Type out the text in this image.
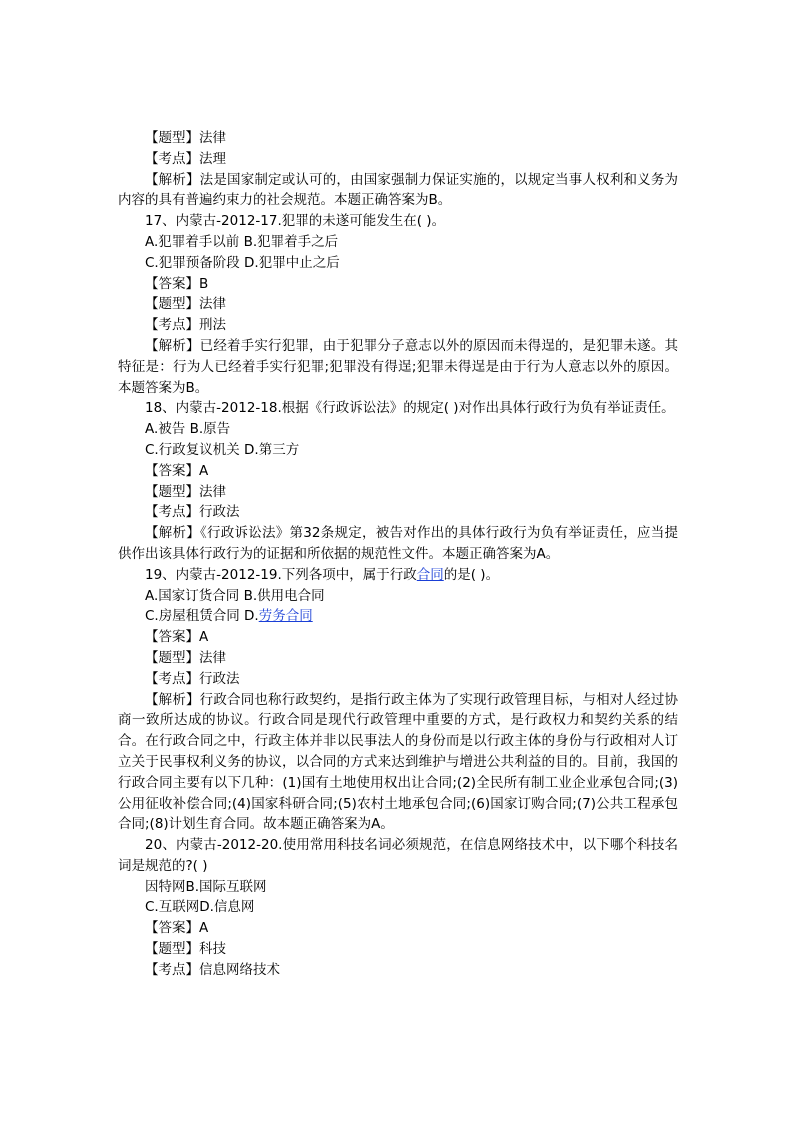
【题型】法律

【考点】法理

【解析】法是国家制定或认可的，由国家强制力保证实施的，以规定当事人权利和义务为内容的具有普遍约束力的社会规范。本题正确答案为B。

17、内蒙古-2012-17.犯罪的未遂可能发生在( )。

A.犯罪着手以前 B.犯罪着手之后

C.犯罪预备阶段 D.犯罪中止之后

【答案】B

【题型】法律

【考点】刑法

【解析】已经着手实行犯罪，由于犯罪分子意志以外的原因而未得逞的，是犯罪未遂。其特征是：行为人已经着手实行犯罪;犯罪没有得逞;犯罪未得逞是由于行为人意志以外的原因。本题答案为B。

18、内蒙古-2012-18.根据《行政诉讼法》的规定( )对作出具体行政行为负有举证责任。

A.被告 B.原告

C.行政复议机关 D.第三方

【答案】A

【题型】法律

【考点】行政法

【解析】《行政诉讼法》第32条规定，被告对作出的具体行政行为负有举证责任，应当提供作出该具体行政行为的证据和所依据的规范性文件。本题正确答案为A。

19、内蒙古-2012-19.下列各项中，属于行政合同的是( )。

A.国家订货合同 B.供用电合同

C.房屋租赁合同 D.劳务合同

【答案】A

【题型】法律

【考点】行政法

【解析】行政合同也称行政契约，是指行政主体为了实现行政管理目标，与相对人经过协商一致所达成的协议。行政合同是现代行政管理中重要的方式，是行政权力和契约关系的结合。在行政合同之中，行政主体并非以民事法人的身份而是以行政主体的身份与行政相对人订立关于民事权利义务的协议，以合同的方式来达到维护与增进公共利益的目的。目前，我国的行政合同主要有以下几种：(1)国有土地使用权出让合同;(2)全民所有制工业企业承包合同;(3)公用征收补偿合同;(4)国家科研合同;(5)农村土地承包合同;(6)国家订购合同;(7)公共工程承包合同;(8)计划生育合同。故本题正确答案为A。

20、内蒙古-2012-20.使用常用科技名词必须规范，在信息网络技术中，以下哪个科技名词是规范的?( )

因特网B.国际互联网

C.互联网D.信息网

【答案】A

【题型】科技

【考点】信息网络技术
